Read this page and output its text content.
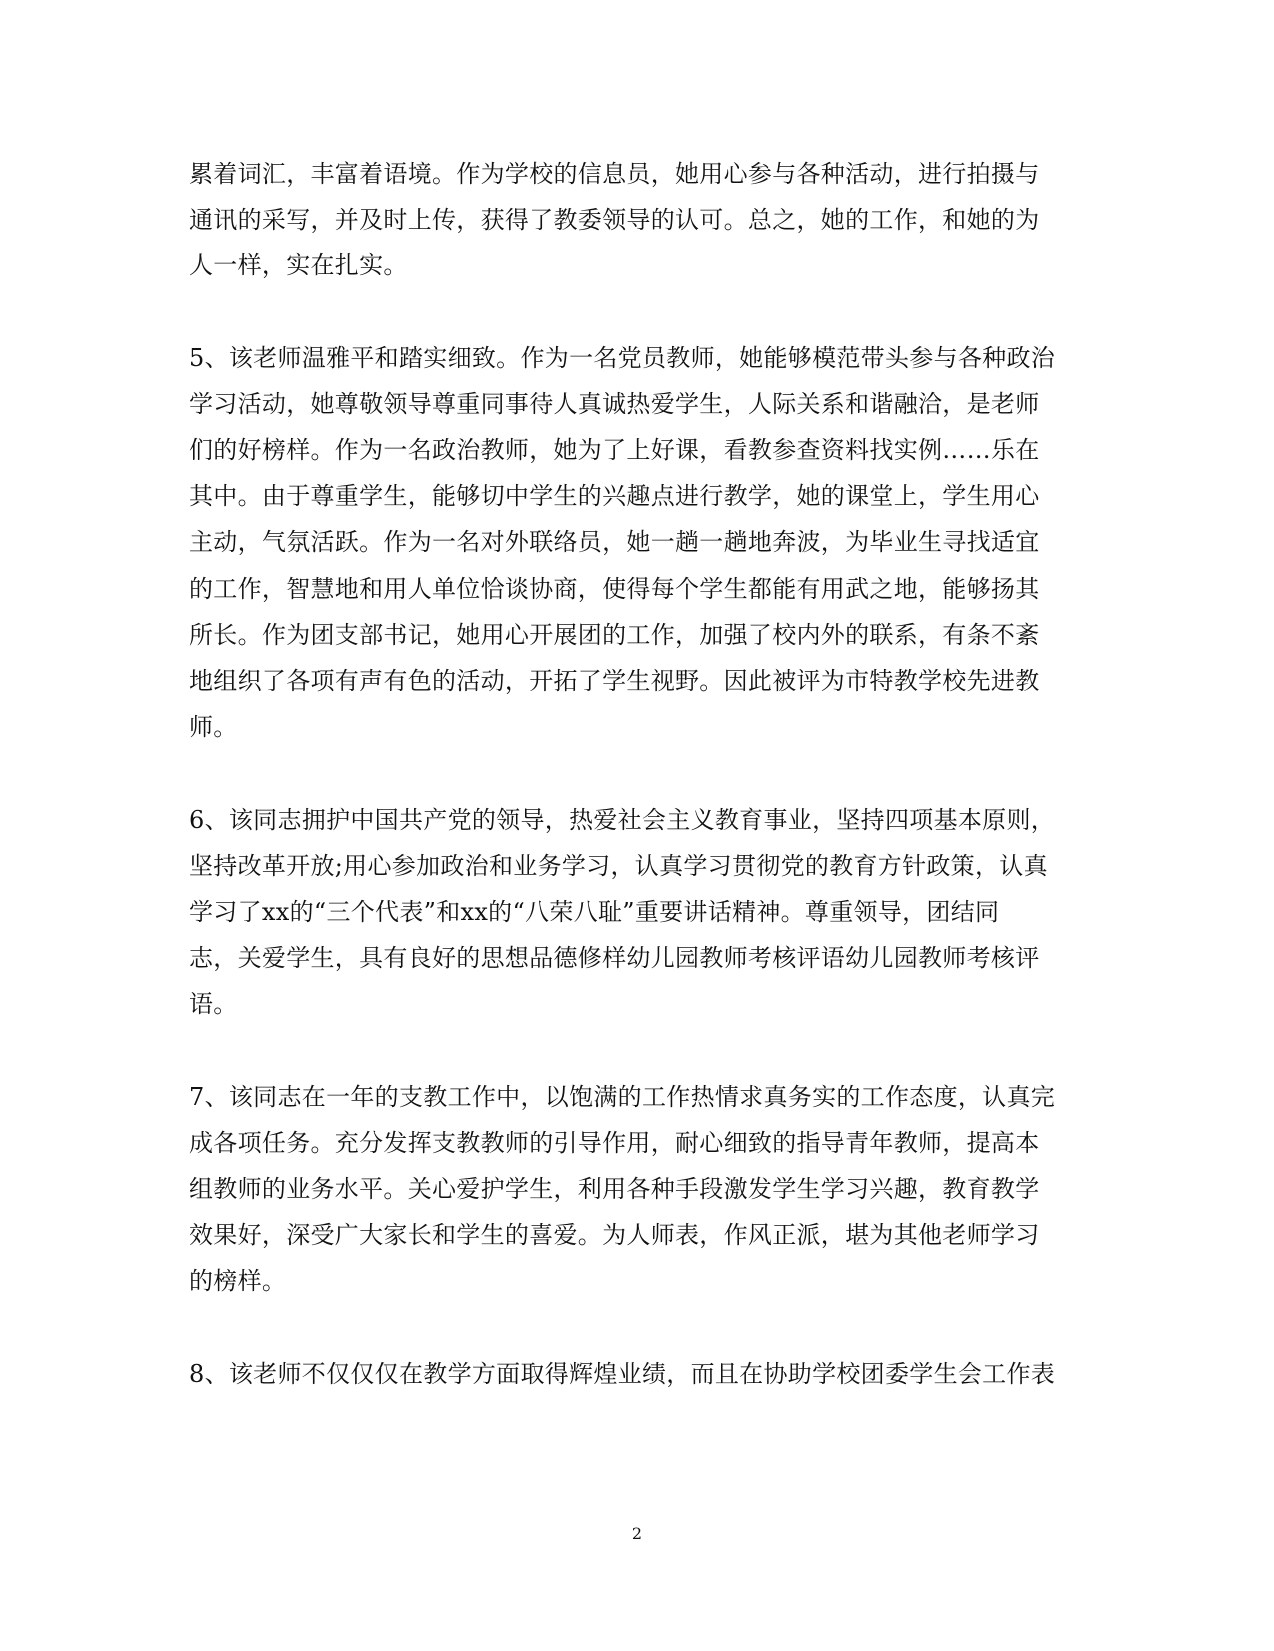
累着词汇，丰富着语境。作为学校的信息员，她用心参与各种活动，进行拍摄与
通讯的采写，并及时上传，获得了教委领导的认可。总之，她的工作，和她的为
人一样，实在扎实。
5、该老师温雅平和踏实细致。作为一名党员教师，她能够模范带头参与各种政治
学习活动，她尊敬领导尊重同事待人真诚热爱学生，人际关系和谐融洽，是老师
们的好榜样。作为一名政治教师，她为了上好课，看教参查资料找实例……乐在
其中。由于尊重学生，能够切中学生的兴趣点进行教学，她的课堂上，学生用心
主动，气氛活跃。作为一名对外联络员，她一趟一趟地奔波，为毕业生寻找适宜
的工作，智慧地和用人单位恰谈协商，使得每个学生都能有用武之地，能够扬其
所长。作为团支部书记，她用心开展团的工作，加强了校内外的联系，有条不紊
地组织了各项有声有色的活动，开拓了学生视野。因此被评为市特教学校先进教
师。
6、该同志拥护中国共产党的领导，热爱社会主义教育事业，坚持四项基本原则，
坚持改革开放;用心参加政治和业务学习，认真学习贯彻党的教育方针政策，认真
学习了xx的“三个代表”和xx的“八荣八耻”重要讲话精神。尊重领导，团结同
志，关爱学生，具有良好的思想品德修样幼儿园教师考核评语幼儿园教师考核评
语。
7、该同志在一年的支教工作中，以饱满的工作热情求真务实的工作态度，认真完
成各项任务。充分发挥支教教师的引导作用，耐心细致的指导青年教师，提高本
组教师的业务水平。关心爱护学生，利用各种手段激发学生学习兴趣，教育教学
效果好，深受广大家长和学生的喜爱。为人师表，作风正派，堪为其他老师学习
的榜样。
8、该老师不仅仅仅在教学方面取得辉煌业绩，而且在协助学校团委学生会工作表
2
